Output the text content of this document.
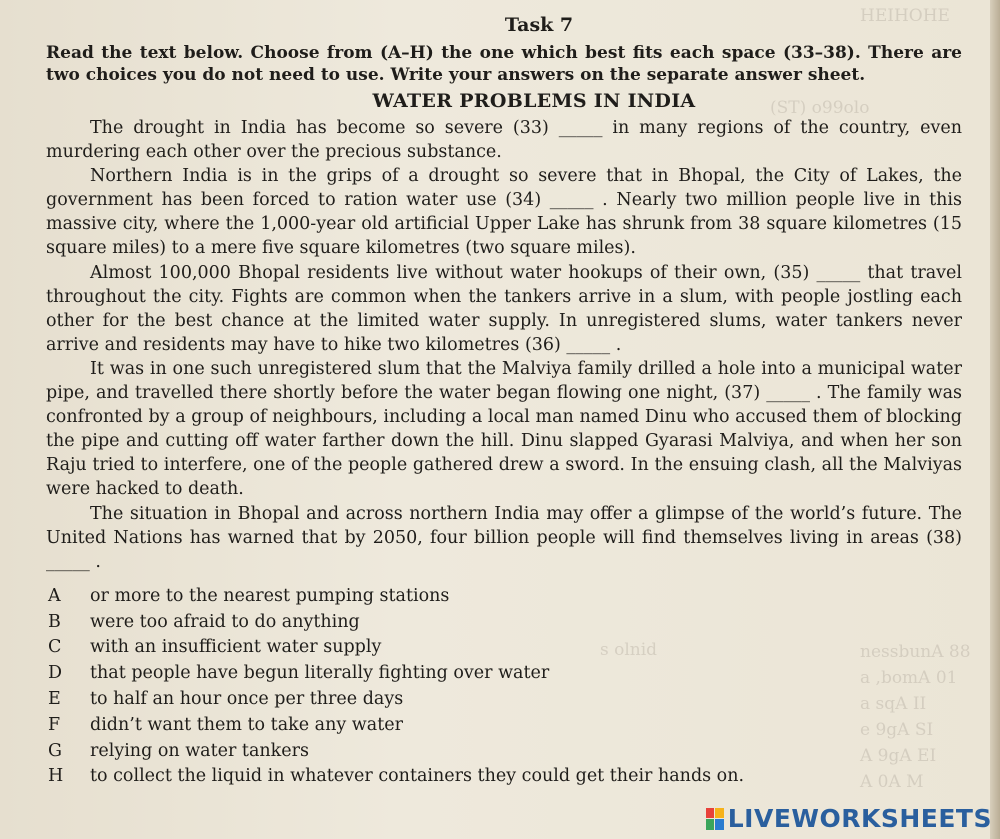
HEIHOHE
(ST) o99olo
s olnid	nessbunA 88
a ,bomA 01
a sqA II
e 9gA SI
A 9gA EI
A 0A M

Task 7

Read the text below. Choose from (A–H) the one which best fits each space (33–38). There are two choices you do not need to use. Write your answers on the separate answer sheet.

WATER PROBLEMS IN INDIA

The drought in India has become so severe (33) _____ in many regions of the country, even murdering each other over the precious substance.

Northern India is in the grips of a drought so severe that in Bhopal, the City of Lakes, the government has been forced to ration water use (34) _____ . Nearly two million people live in this massive city, where the 1,000-year old artificial Upper Lake has shrunk from 38 square kilometres (15 square miles) to a mere five square kilometres (two square miles).

Almost 100,000 Bhopal residents live without water hookups of their own, (35) _____ that travel throughout the city. Fights are common when the tankers arrive in a slum, with people jostling each other for the best chance at the limited water supply. In unregistered slums, water tankers never arrive and residents may have to hike two kilometres (36) _____ .

It was in one such unregistered slum that the Malviya family drilled a hole into a municipal water pipe, and travelled there shortly before the water began flowing one night, (37) _____ . The family was confronted by a group of neighbours, including a local man named Dinu who accused them of blocking the pipe and cutting off water farther down the hill. Dinu slapped Gyarasi Malviya, and when her son Raju tried to interfere, one of the people gathered drew a sword. In the ensuing clash, all the Malviyas were hacked to death.

The situation in Bhopal and across northern India may offer a glimpse of the world’s future. The United Nations has warned that by 2050, four billion people will find themselves living in areas (38) _____ .

A	or more to the nearest pumping stations
B	were too afraid to do anything
C	with an insufficient water supply
D	that people have begun literally fighting over water
E	to half an hour once per three days
F	didn’t want them to take any water
G	relying on water tankers
H	to collect the liquid in whatever containers they could get their hands on.
LIVEWORKSHEETS
